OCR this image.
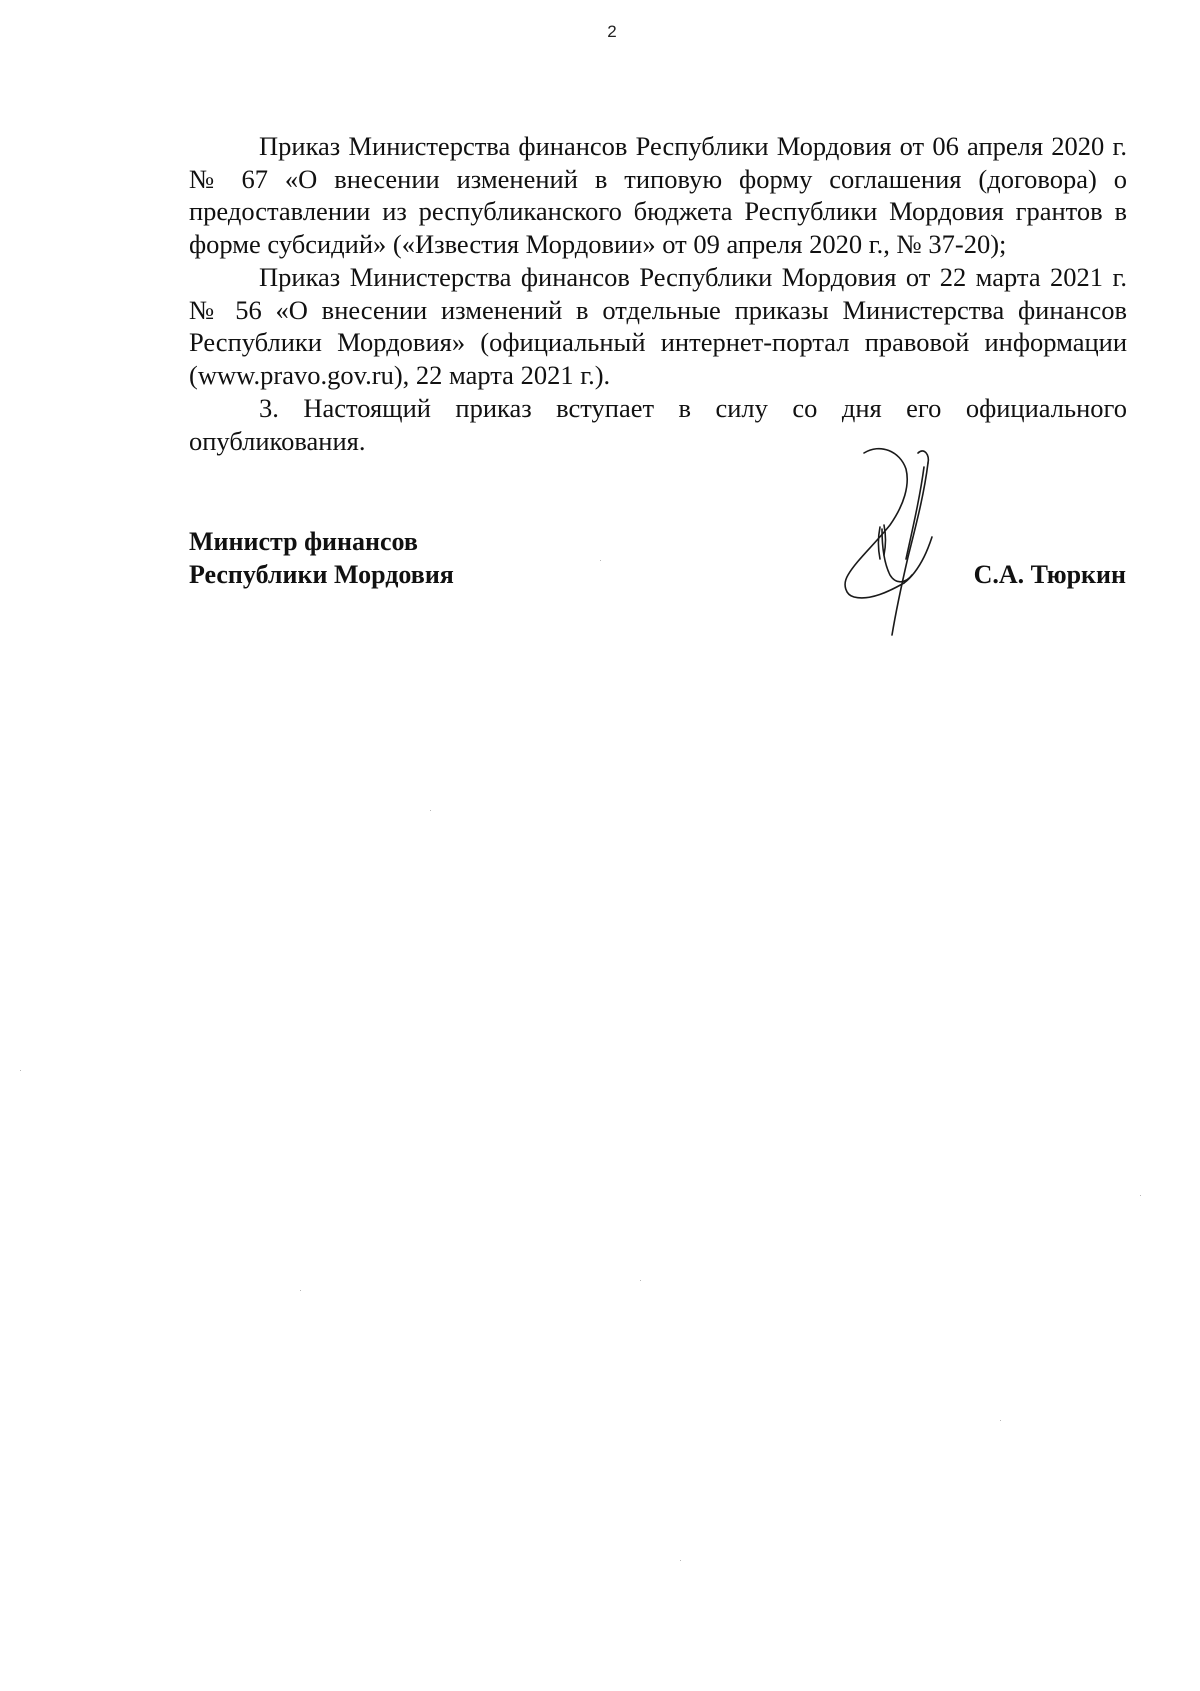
2

Приказ Министерства финансов Республики Мордовия от 06 апреля 2020 г. № 67 «О внесении изменений в типовую форму соглашения (договора) о предоставлении из республиканского бюджета Республики Мордовия грантов в форме субсидий» («Известия Мордовии» от 09 апреля 2020 г., № 37-20);

Приказ Министерства финансов Республики Мордовия от 22 марта 2021 г. № 56 «О внесении изменений в отдельные приказы Министерства финансов Республики Мордовия» (официальный интернет-портал правовой информации (www.pravo.gov.ru), 22 марта 2021 г.).

3. Настоящий приказ вступает в силу со дня его официального опубликования.

Министр финансов
Республики Мордовия	С.А. Тюркин
